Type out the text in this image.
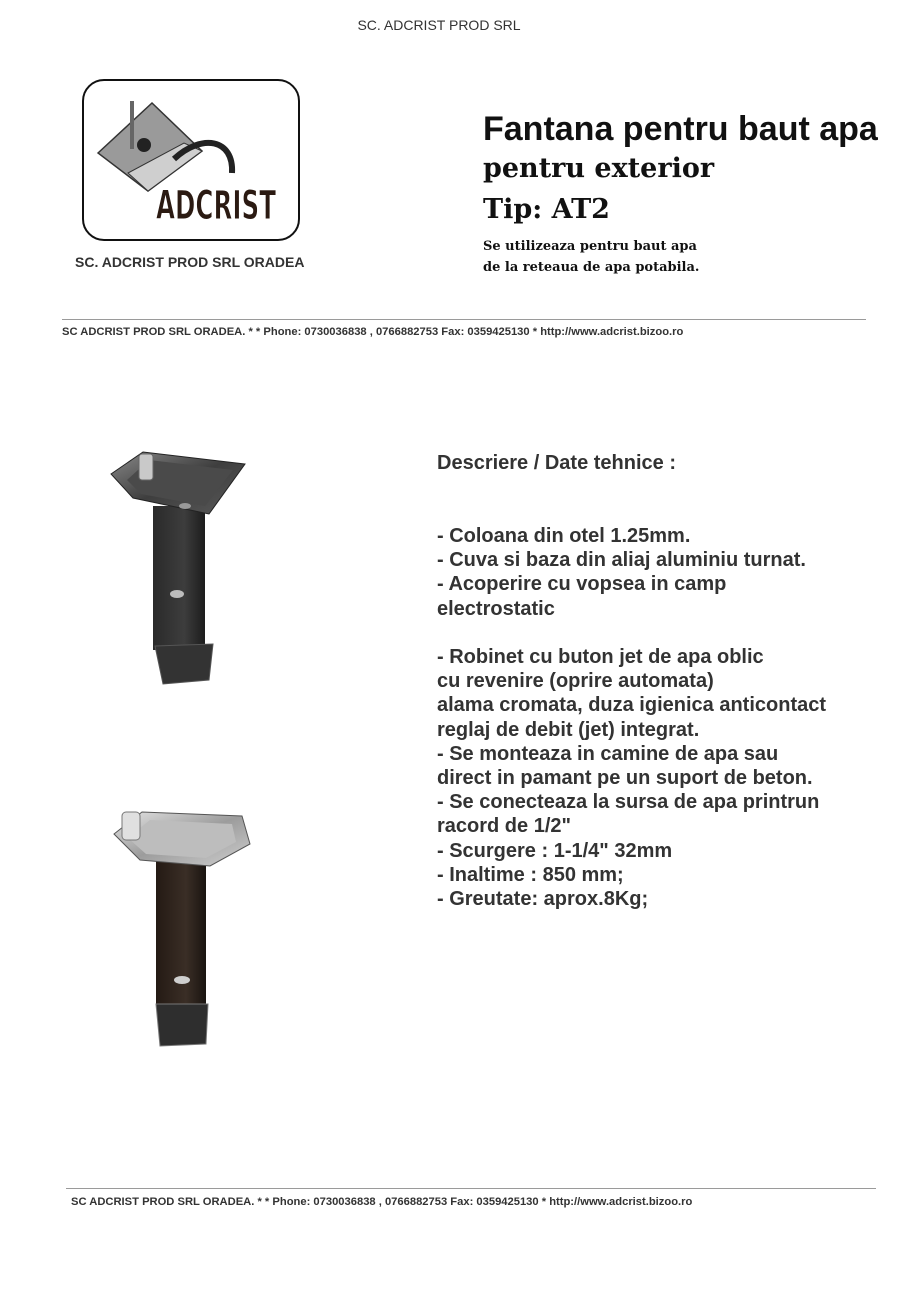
SC. ADCRIST PROD SRL
ADCRIST
SC. ADCRIST PROD SRL ORADEA
Fantana pentru baut apa
pentru exterior
Tip: AT2
Se utilizeaza pentru baut apa
de la reteaua de apa potabila.
SC ADCRIST PROD SRL ORADEA. * * Phone: 0730036838 , 0766882753 Fax: 0359425130 * http://www.adcrist.bizoo.ro
Descriere / Date tehnice :
- Coloana din otel 1.25mm.
- Cuva si baza din aliaj aluminiu turnat.
- Acoperire cu vopsea in camp
electrostatic
- Robinet cu buton jet de apa oblic
cu revenire (oprire automata)
alama cromata, duza igienica anticontact
reglaj de debit (jet) integrat.
- Se monteaza in camine de apa sau
direct in pamant pe un suport de beton.
- Se conecteaza la sursa de apa printrun
racord de 1/2"
- Scurgere : 1-1/4" 32mm
- Inaltime : 850 mm;
- Greutate: aprox.8Kg;
SC ADCRIST PROD SRL ORADEA. * * Phone: 0730036838 , 0766882753 Fax: 0359425130 * http://www.adcrist.bizoo.ro
